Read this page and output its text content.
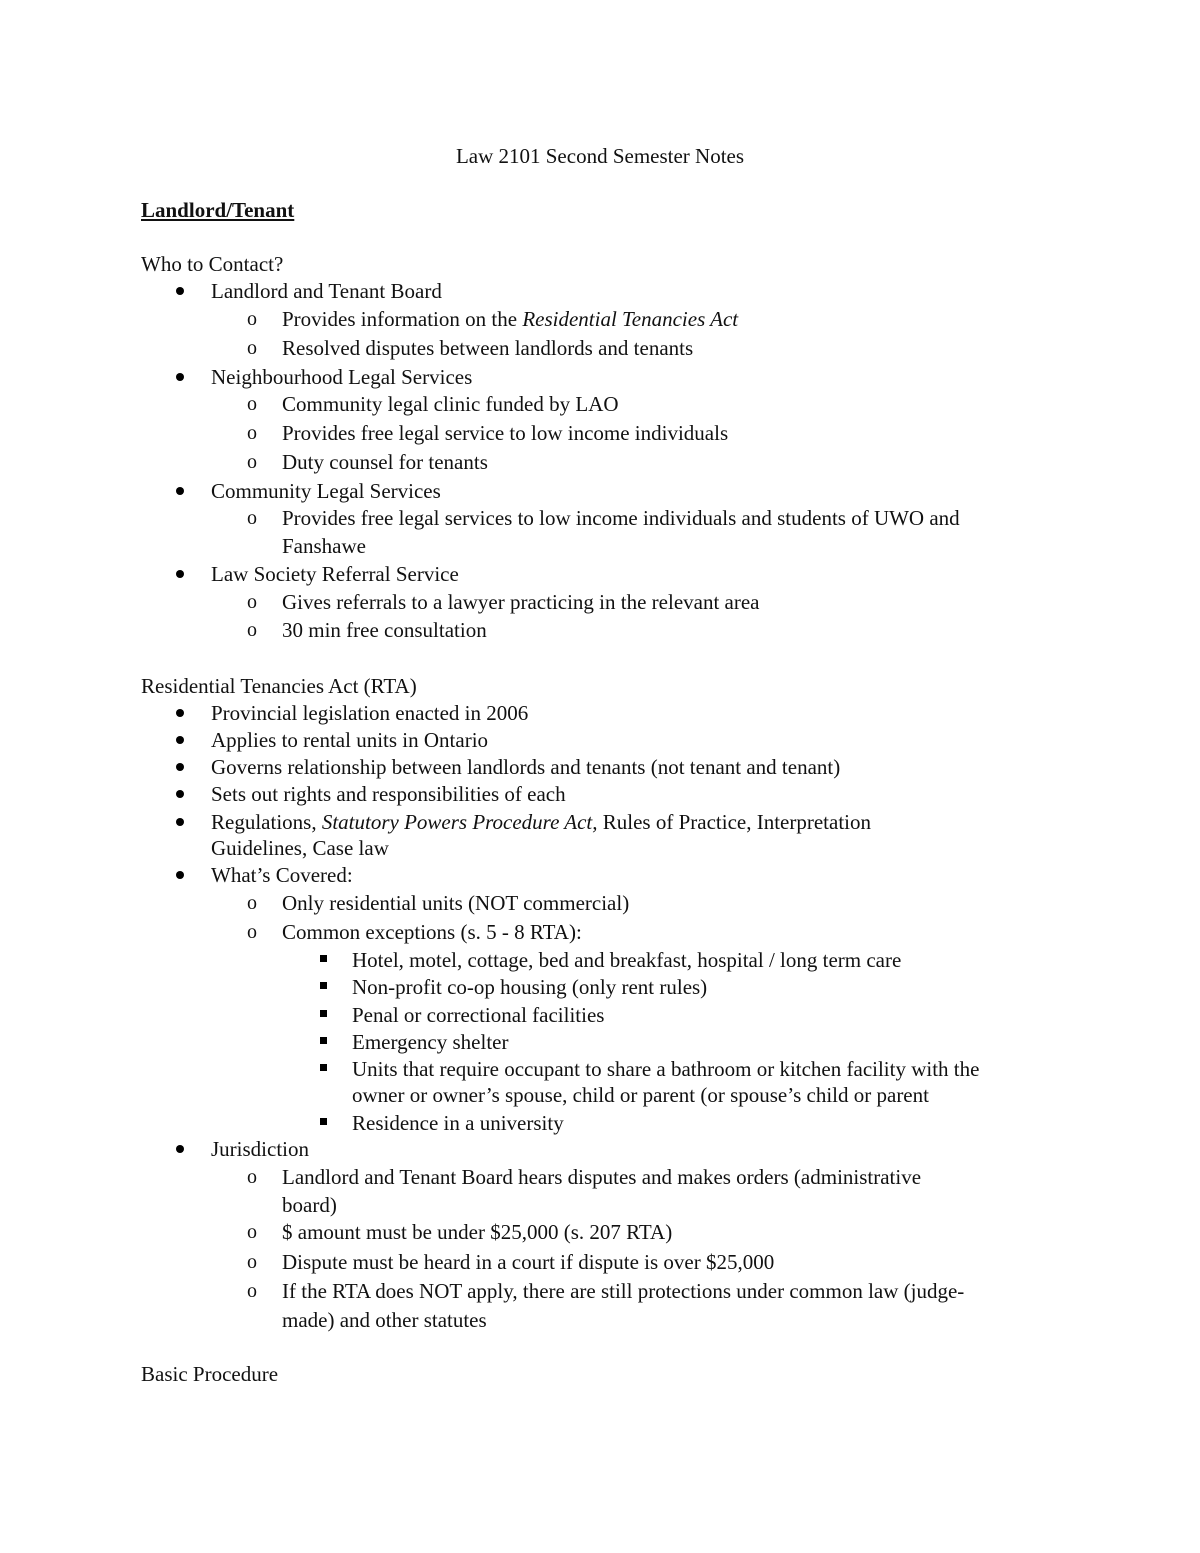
Law 2101 Second Semester Notes
Landlord/Tenant
Who to Contact?
Landlord and Tenant Board
o Provides information on the Residential Tenancies Act
o Resolved disputes between landlords and tenants
Neighbourhood Legal Services
o Community legal clinic funded by LAO
o Provides free legal service to low income individuals
o Duty counsel for tenants
Community Legal Services
o Provides free legal services to low income individuals and students of UWO and
Fanshawe
Law Society Referral Service
o Gives referrals to a lawyer practicing in the relevant area
o 30 min free consultation
Residential Tenancies Act (RTA)
Provincial legislation enacted in 2006
Applies to rental units in Ontario
Governs relationship between landlords and tenants (not tenant and tenant)
Sets out rights and responsibilities of each
Regulations, Statutory Powers Procedure Act, Rules of Practice, Interpretation
Guidelines, Case law
What’s Covered:
o Only residential units (NOT commercial)
o Common exceptions (s. 5 - 8 RTA):
Hotel, motel, cottage, bed and breakfast, hospital / long term care
Non-profit co-op housing (only rent rules)
Penal or correctional facilities
Emergency shelter
Units that require occupant to share a bathroom or kitchen facility with the
owner or owner’s spouse, child or parent (or spouse’s child or parent
Residence in a university
Jurisdiction
o Landlord and Tenant Board hears disputes and makes orders (administrative
board)
o $ amount must be under $25,000 (s. 207 RTA)
o Dispute must be heard in a court if dispute is over $25,000
o If the RTA does NOT apply, there are still protections under common law (judge-
made) and other statutes
Basic Procedure
